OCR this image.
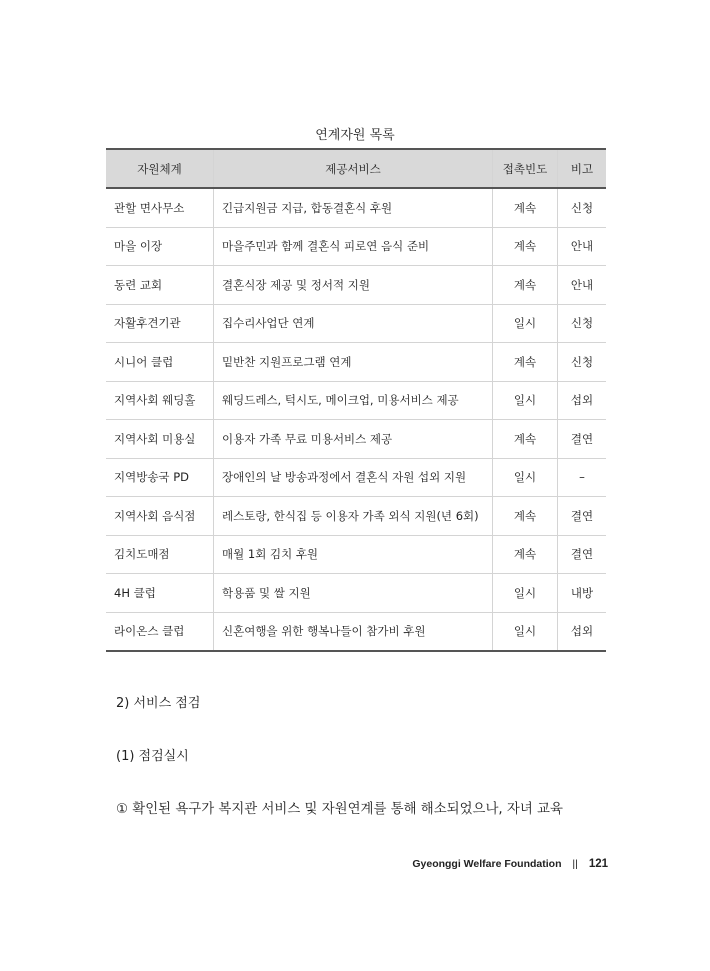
연계자원 목록
자원체계	제공서비스	접촉빈도	비고
관할 면사무소	긴급지원금 지급, 합동결혼식 후원	계속	신청
마을 이장	마을주민과 함께 결혼식 피로연 음식 준비	계속	안내
동련 교회	결혼식장 제공 및 정서적 지원	계속	안내
자활후견기관	집수리사업단 연계	일시	신청
시니어 클럽	밑반찬 지원프로그램 연계	계속	신청
지역사회 웨딩홀	웨딩드레스, 턱시도, 메이크업, 미용서비스 제공	일시	섭외
지역사회 미용실	이용자 가족 무료 미용서비스 제공	계속	결연
지역방송국 PD	장애인의 날 방송과정에서 결혼식 자원 섭외 지원	일시	–
지역사회 음식점	레스토랑, 한식집 등 이용자 가족 외식 지원(년 6회)	계속	결연
김치도매점	매월 1회 김치 후원	계속	결연
4H 클럽	학용품 및 쌀 지원	일시	내방
라이온스 클럽	신혼여행을 위한 행복나들이 참가비 후원	일시	섭외
2) 서비스 점검
(1) 점검실시
① 확인된 욕구가 복지관 서비스 및 자원연계를 통해 해소되었으나, 자녀 교육
Gyeonggi Welfare Foundation || 121
